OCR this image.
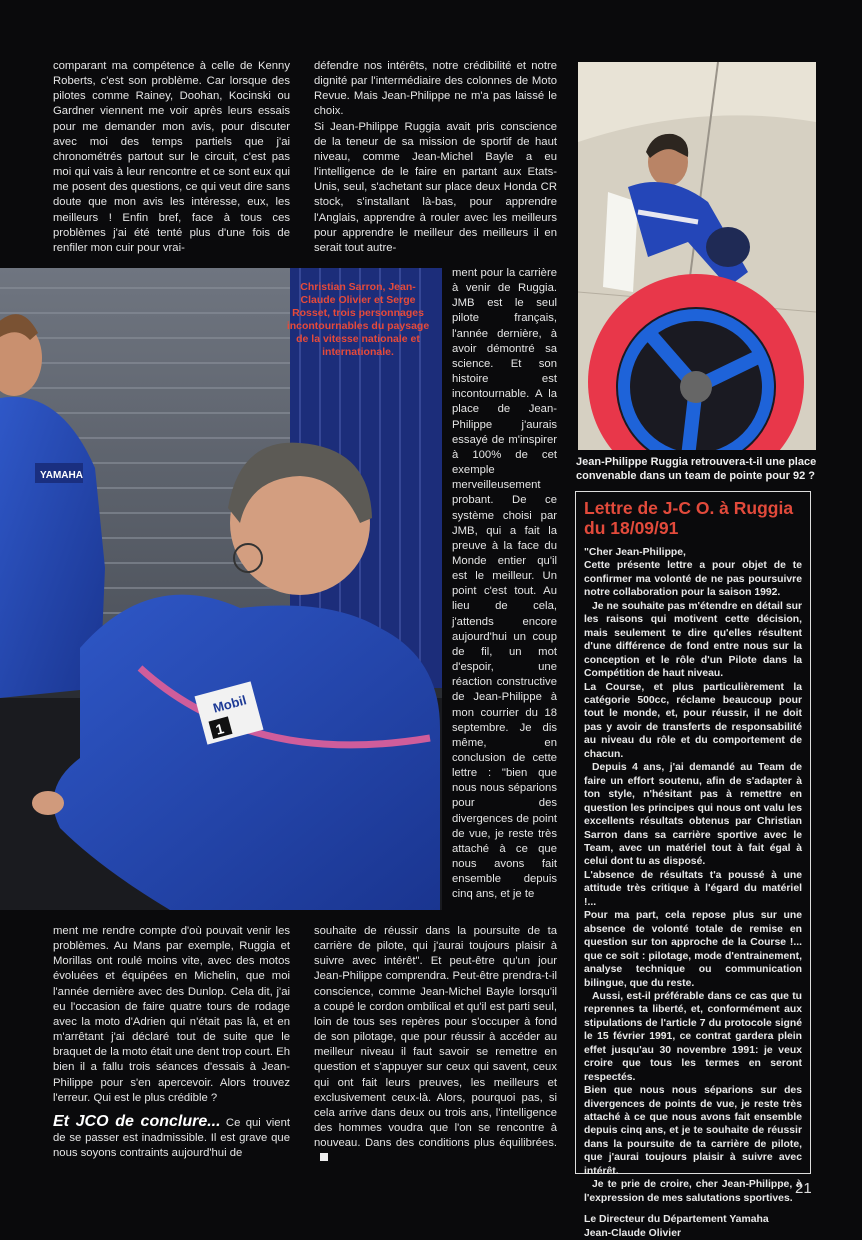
comparant ma compétence à celle de Kenny Roberts, c'est son problème. Car lorsque des pilotes comme Rainey, Doohan, Kocinski ou Gardner viennent me voir après leurs essais pour me demander mon avis, pour discuter avec moi des temps partiels que j'ai chronométrés partout sur le circuit, c'est pas moi qui vais à leur rencontre et ce sont eux qui me posent des questions, ce qui veut dire sans doute que mon avis les intéresse, eux, les meilleurs ! Enfin bref, face à tous ces problèmes j'ai été tenté plus d'une fois de renfiler mon cuir pour vrai-

défendre nos intérêts, notre crédibilité et notre dignité par l'intermédiaire des colonnes de Moto Revue. Mais Jean-Philippe ne m'a pas laissé le choix.

Si Jean-Philippe Ruggia avait pris conscience de la teneur de sa mission de sportif de haut niveau, comme Jean-Michel Bayle a eu l'intelligence de le faire en partant aux Etats-Unis, seul, s'achetant sur place deux Honda CR stock, s'installant là-bas, pour apprendre l'Anglais, apprendre à rouler avec les meilleurs pour apprendre le meilleur des meilleurs il en serait tout autre-

YAMAHA
Mobil
1

Christian Sarron, Jean-Claude Olivier et Serge Rosset, trois personnages incontournables du paysage de la vitesse nationale et internationale.

ment pour la carrière à venir de Ruggia. JMB est le seul pilote français, l'année dernière, à avoir démontré sa science. Et son histoire est incontournable. A la place de Jean-Philippe j'aurais essayé de m'inspirer à 100% de cet exemple merveilleusement probant. De ce système choisi par JMB, qui a fait la preuve à la face du Monde entier qu'il est le meilleur. Un point c'est tout. Au lieu de cela, j'attends encore aujourd'hui un coup de fil, un mot d'espoir, une réaction constructive de Jean-Philippe à mon courrier du 18 septembre. Je dis même, en conclusion de cette lettre : "bien que nous nous séparions pour des divergences de point de vue, je reste très attaché à ce que nous avons fait ensemble depuis cinq ans, et je te

Jean-Philippe Ruggia retrouvera-t-il une place convenable dans un team de pointe pour 92 ?

Lettre de J-C O. à Ruggia du 18/09/91

"Cher Jean-Philippe,

Cette présente lettre a pour objet de te confirmer ma volonté de ne pas poursuivre notre collaboration pour la saison 1992.

Je ne souhaite pas m'étendre en détail sur les raisons qui motivent cette décision, mais seulement te dire qu'elles résultent d'une différence de fond entre nous sur la conception et le rôle d'un Pilote dans la Compétition de haut niveau.

La Course, et plus particulièrement la catégorie 500cc, réclame beaucoup pour tout le monde, et, pour réussir, il ne doit pas y avoir de transferts de responsabilité au niveau du rôle et du comportement de chacun.

Depuis 4 ans, j'ai demandé au Team de faire un effort soutenu, afin de s'adapter à ton style, n'hésitant pas à remettre en question les principes qui nous ont valu les excellents résultats obtenus par Christian Sarron dans sa carrière sportive avec le Team, avec un matériel tout à fait égal à celui dont tu as disposé.

L'absence de résultats t'a poussé à une attitude très critique à l'égard du matériel !...

Pour ma part, cela repose plus sur une absence de volonté totale de remise en question sur ton approche de la Course !... que ce soit : pilotage, mode d'entrainement, analyse technique ou communication bilingue, que du reste.

Aussi, est-il préférable dans ce cas que tu reprennes ta liberté, et, conformément aux stipulations de l'article 7 du protocole signé le 15 février 1991, ce contrat gardera plein effet jusqu'au 30 novembre 1991: je veux croire que tous les termes en seront respectés.

Bien que nous nous séparions sur des divergences de points de vue, je reste très attaché à ce que nous avons fait ensemble depuis cinq ans, et je te souhaite de réussir dans la poursuite de ta carrière de pilote, que j'aurai toujours plaisir à suivre avec intérêt.

Je te prie de croire, cher Jean-Philippe, à l'expression de mes salutations sportives.

Le Directeur du Département Yamaha

Jean-Claude Olivier

ment me rendre compte d'où pouvait venir les problèmes. Au Mans par exemple, Ruggia et Morillas ont roulé moins vite, avec des motos évoluées et équipées en Michelin, que moi l'année dernière avec des Dunlop. Cela dit, j'ai eu l'occasion de faire quatre tours de rodage avec la moto d'Adrien qui n'était pas là, et en m'arrêtant j'ai déclaré tout de suite que le braquet de la moto était une dent trop court. Eh bien il a fallu trois séances d'essais à Jean-Philippe pour s'en apercevoir. Alors trouvez l'erreur. Qui est le plus crédible ?

Et JCO de conclure... Ce qui vient de se passer est inadmissible. Il est grave que nous soyons contraints aujourd'hui de

souhaite de réussir dans la poursuite de ta carrière de pilote, qui j'aurai toujours plaisir à suivre avec intérêt". Et peut-être qu'un jour Jean-Philippe comprendra. Peut-être prendra-t-il conscience, comme Jean-Michel Bayle lorsqu'il a coupé le cordon ombilical et qu'il est parti seul, loin de tous ses repères pour s'occuper à fond de son pilotage, que pour réussir à accéder au meilleur niveau il faut savoir se remettre en question et s'appuyer sur ceux qui savent, ceux qui ont fait leurs preuves, les meilleurs et exclusivement ceux-là. Alors, pourquoi pas, si cela arrive dans deux ou trois ans, l'intelligence des hommes voudra que l'on se rencontre à nouveau. Dans des conditions plus équilibrées.

21
